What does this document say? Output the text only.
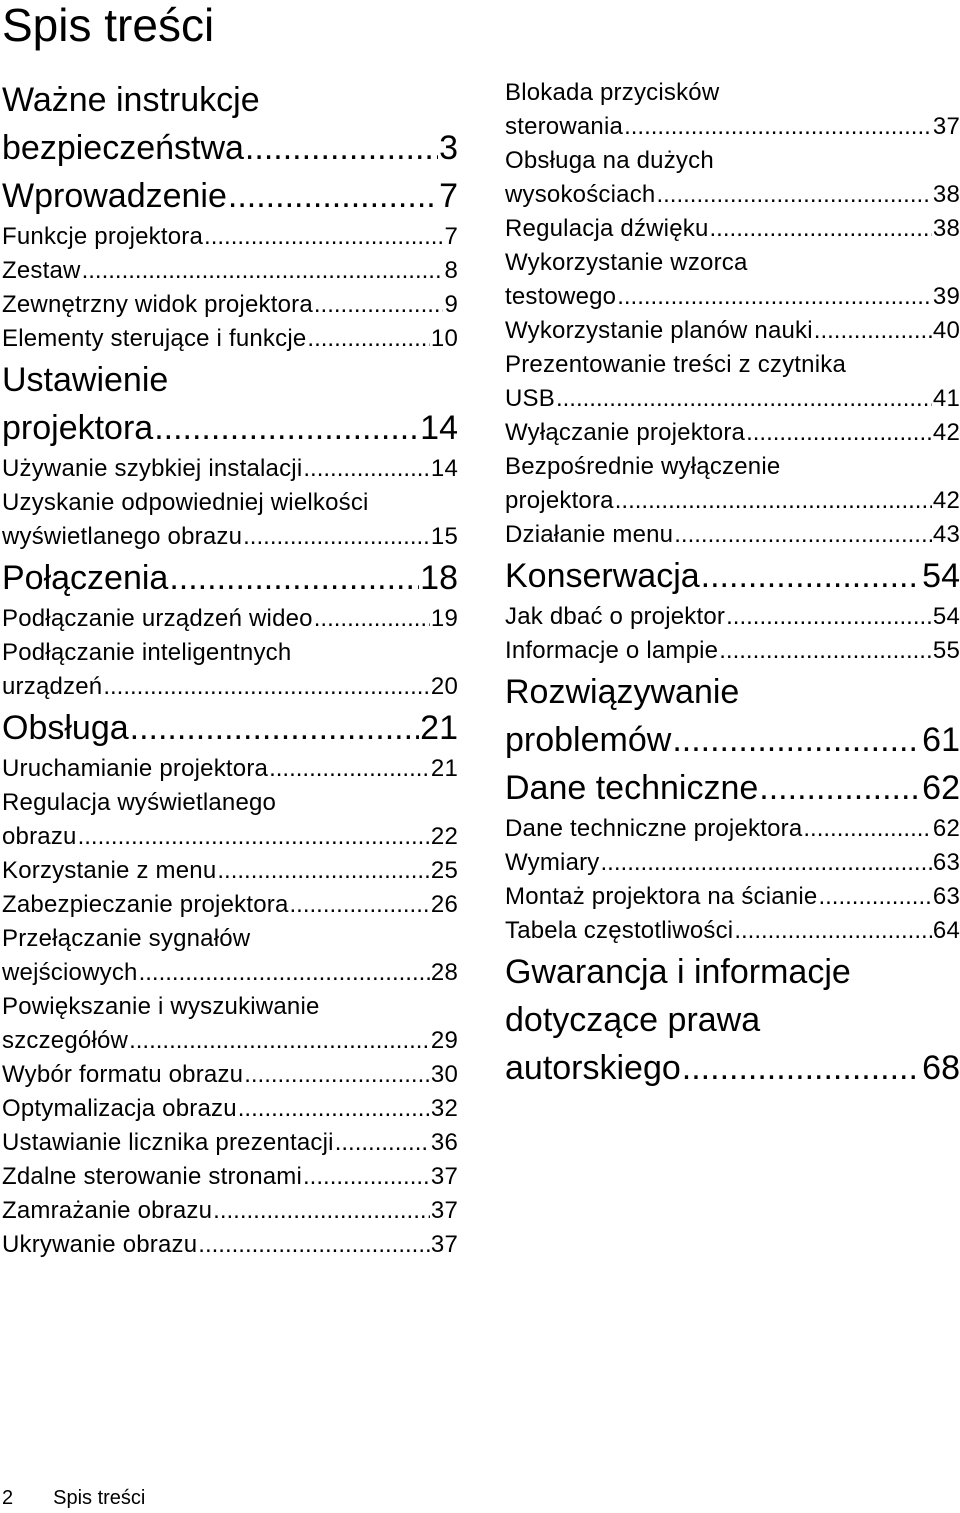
Spis treści
Ważne instrukcje
bezpieczeństwa .....	3
Wprowadzenie .....	7
Funkcje projektora .....	7
Zestaw .....	8
Zewnętrzny widok projektora .....	9
Elementy sterujące i funkcje .....	10
Ustawienie
projektora .....	14
Używanie szybkiej instalacji .....	14
Uzyskanie odpowiedniej wielkości
wyświetlanego obrazu .....	15
Połączenia .....	18
Podłączanie urządzeń wideo .....	19
Podłączanie inteligentnych
urządzeń .....	20
Obsługa .....	21
Uruchamianie projektora .....	21
Regulacja wyświetlanego
obrazu .....	22
Korzystanie z menu .....	25
Zabezpieczanie projektora .....	26
Przełączanie sygnałów
wejściowych .....	28
Powiększanie i wyszukiwanie
szczegółów .....	29
Wybór formatu obrazu .....	30
Optymalizacja obrazu .....	32
Ustawianie licznika prezentacji .....	36
Zdalne sterowanie stronami .....	37
Zamrażanie obrazu .....	37
Ukrywanie obrazu .....	37
Blokada przycisków
sterowania .....	37
Obsługa na dużych
wysokościach .....	38
Regulacja dźwięku .....	38
Wykorzystanie wzorca
testowego .....	39
Wykorzystanie planów nauki .....	40
Prezentowanie treści z czytnika
USB .....	41
Wyłączanie projektora .....	42
Bezpośrednie wyłączenie
projektora .....	42
Działanie menu .....	43
Konserwacja .....	54
Jak dbać o projektor .....	54
Informacje o lampie .....	55
Rozwiązywanie
problemów .....	61
Dane techniczne .....	62
Dane techniczne projektora .....	62
Wymiary .....	63
Montaż projektora na ścianie .....	63
Tabela częstotliwości .....	64
Gwarancja i informacje
dotyczące prawa
autorskiego .....	68
2 Spis treści
